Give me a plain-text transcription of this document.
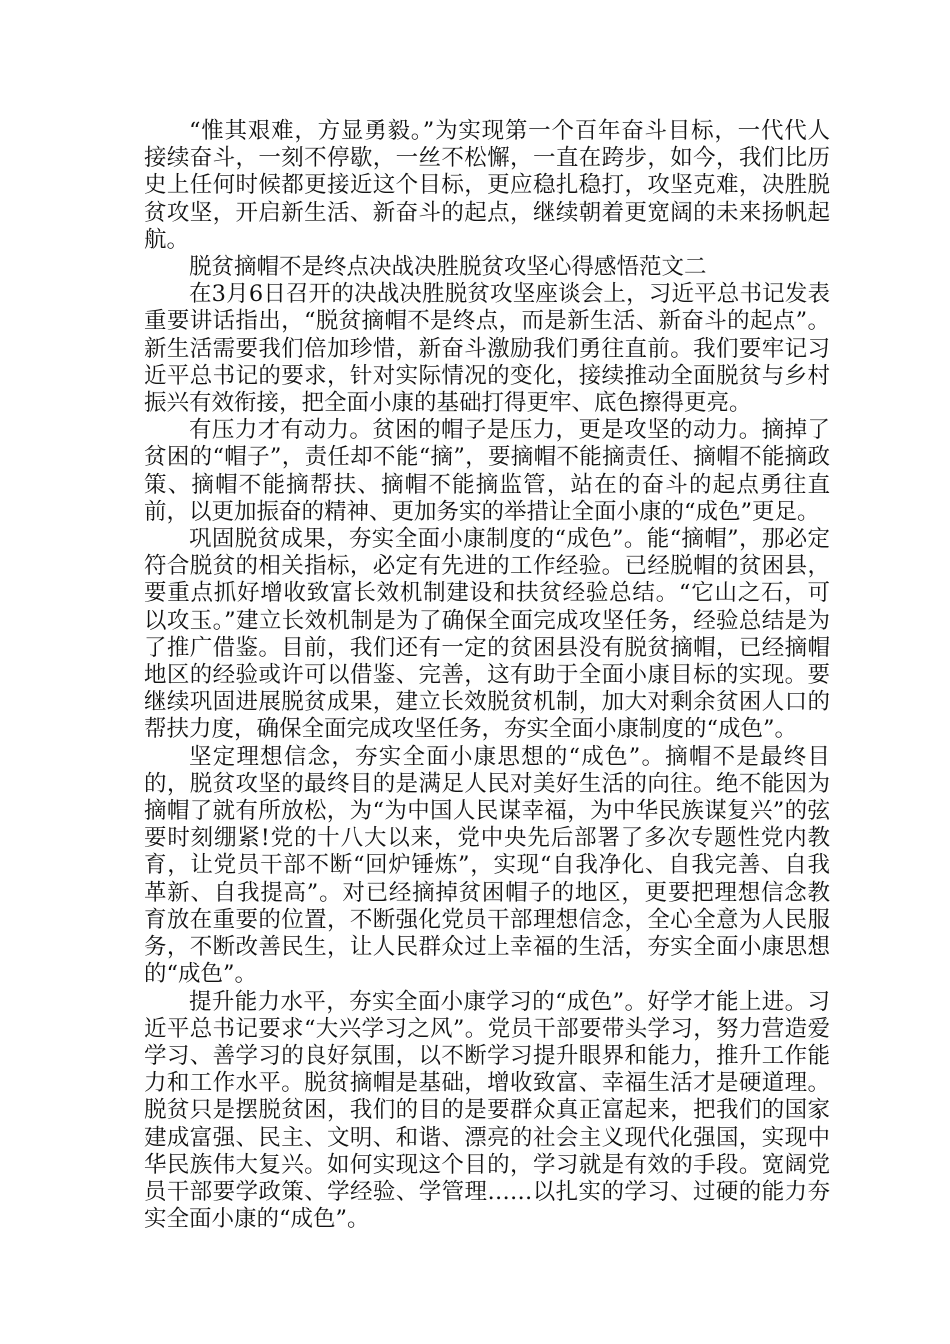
“惟其艰难，方显勇毅。”为实现第一个百年奋斗目标，一代代人接续奋斗，一刻不停歇，一丝不松懈，一直在跨步，如今，我们比历史上任何时候都更接近这个目标，更应稳扎稳打，攻坚克难，决胜脱贫攻坚，开启新生活、新奋斗的起点，继续朝着更宽阔的未来扬帆起航。

脱贫摘帽不是终点决战决胜脱贫攻坚心得感悟范文二

在3月6日召开的决战决胜脱贫攻坚座谈会上，习近平总书记发表重要讲话指出，“脱贫摘帽不是终点，而是新生活、新奋斗的起点”。新生活需要我们倍加珍惜，新奋斗激励我们勇往直前。我们要牢记习近平总书记的要求，针对实际情况的变化，接续推动全面脱贫与乡村振兴有效衔接，把全面小康的基础打得更牢、底色擦得更亮。

有压力才有动力。贫困的帽子是压力，更是攻坚的动力。摘掉了贫困的“帽子”，责任却不能“摘”，要摘帽不能摘责任、摘帽不能摘政策、摘帽不能摘帮扶、摘帽不能摘监管，站在的奋斗的起点勇往直前，以更加振奋的精神、更加务实的举措让全面小康的“成色”更足。

巩固脱贫成果，夯实全面小康制度的“成色”。能“摘帽”，那必定符合脱贫的相关指标，必定有先进的工作经验。已经脱帽的贫困县，要重点抓好增收致富长效机制建设和扶贫经验总结。“它山之石，可以攻玉。”建立长效机制是为了确保全面完成攻坚任务，经验总结是为了推广借鉴。目前，我们还有一定的贫困县没有脱贫摘帽，已经摘帽地区的经验或许可以借鉴、完善，这有助于全面小康目标的实现。要继续巩固进展脱贫成果，建立长效脱贫机制，加大对剩余贫困人口的帮扶力度，确保全面完成攻坚任务，夯实全面小康制度的“成色”。

坚定理想信念，夯实全面小康思想的“成色”。摘帽不是最终目的，脱贫攻坚的最终目的是满足人民对美好生活的向往。绝不能因为摘帽了就有所放松，为“为中国人民谋幸福，为中华民族谋复兴”的弦要时刻绷紧!党的十八大以来，党中央先后部署了多次专题性党内教育，让党员干部不断“回炉锤炼”，实现“自我净化、自我完善、自我革新、自我提高”。对已经摘掉贫困帽子的地区，更要把理想信念教育放在重要的位置，不断强化党员干部理想信念，全心全意为人民服务，不断改善民生，让人民群众过上幸福的生活，夯实全面小康思想的“成色”。

提升能力水平，夯实全面小康学习的“成色”。好学才能上进。习近平总书记要求“大兴学习之风”。党员干部要带头学习，努力营造爱学习、善学习的良好氛围，以不断学习提升眼界和能力，推升工作能力和工作水平。脱贫摘帽是基础，增收致富、幸福生活才是硬道理。脱贫只是摆脱贫困，我们的目的是要群众真正富起来，把我们的国家建成富强、民主、文明、和谐、漂亮的社会主义现代化强国，实现中华民族伟大复兴。如何实现这个目的，学习就是有效的手段。宽阔党员干部要学政策、学经验、学管理……以扎实的学习、过硬的能力夯实全面小康的“成色”。
